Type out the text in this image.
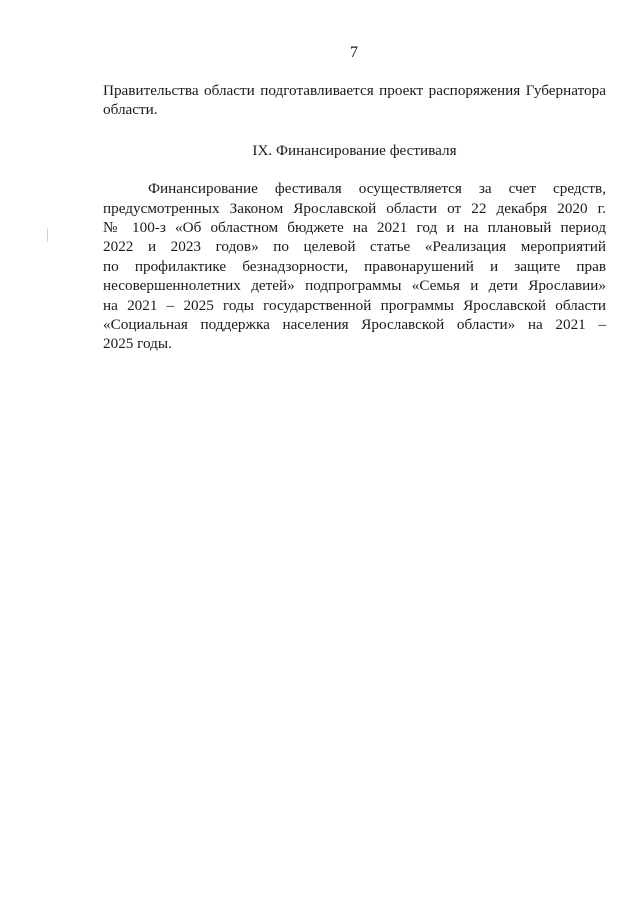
7
Правительства области подготавливается проект распоряжения Губернатора
области.
IX. Финансирование фестиваля
Финансирование фестиваля осуществляется за счет средств,
предусмотренных Законом Ярославской области от 22 декабря 2020 г.
№ 100-з «Об областном бюджете на 2021 год и на плановый период
2022 и 2023 годов» по целевой статье «Реализация мероприятий
по профилактике безнадзорности, правонарушений и защите прав
несовершеннолетних детей» подпрограммы «Семья и дети Ярославии»
на 2021 – 2025 годы государственной программы Ярославской области
«Социальная поддержка населения Ярославской области» на 2021 –
2025 годы.
